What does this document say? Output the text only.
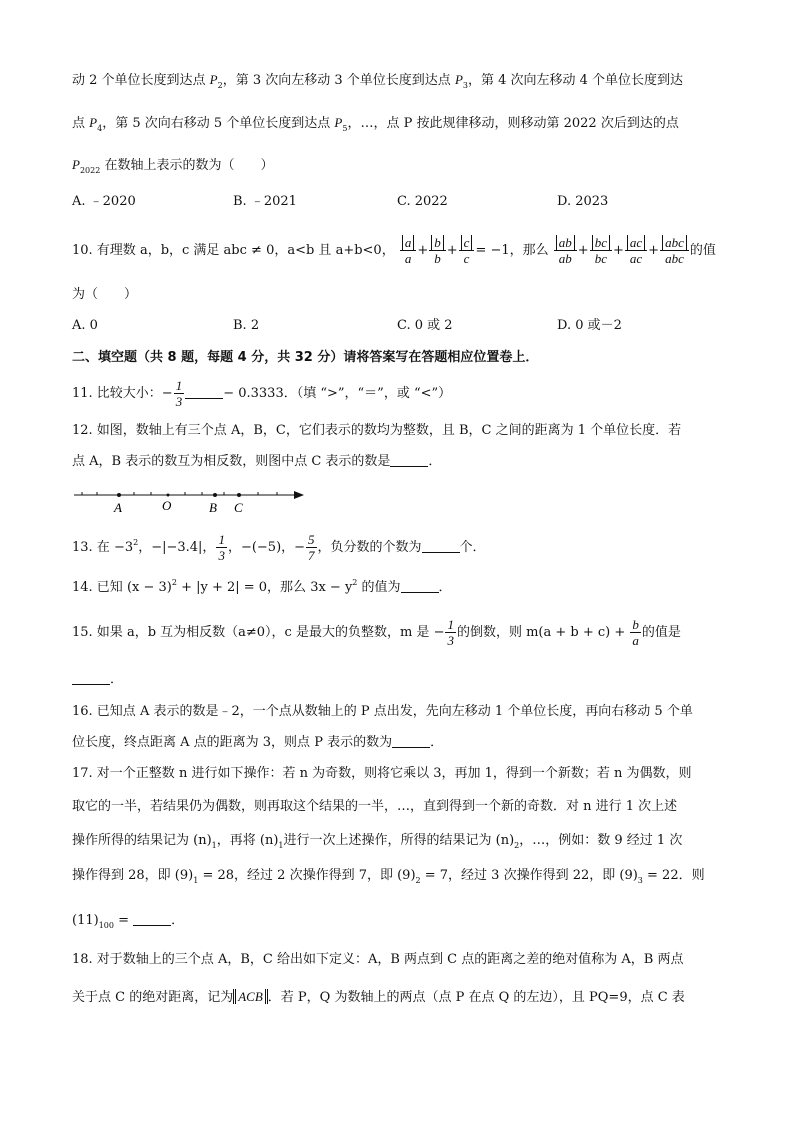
动 2 个单位长度到达点 $P_2$，第 3 次向左移动 3 个单位长度到达点 $P_3$，第 4 次向左移动 4 个单位长度到达
点 $P_4$，第 5 次向右移动 5 个单位长度到达点 $P_5$，…，点 P 按此规律移动，则移动第 2022 次后到达的点
$P_{2022}$ 在数轴上表示的数为（　　）
A. ﹣2020	B. ﹣2021	C. 2022	D. 2023
10. 有理数 a，b，c 满足 abc ≠ 0，a<b 且 a+b<0， $\frac{a}{a} + \frac{b}{b} + \frac{c}{c} = -1$，那么 $\frac{ab}{ab} + \frac{bc}{bc} + \frac{ac}{ac} + \frac{\text{abc}}{\text{abc}}$ 的值
为（　　）
A. 0	B. 2	C. 0 或 2	D. 0 或－2
二、填空题（共 8 题，每题 4 分，共 32 分）请将答案写在答题相应位置卷上．
11. 比较大小：− $\frac{1}{3}$	− 0.3333．（填 “>”，“＝”，或 “<”）
12. 如图，数轴上有三个点 A，B，C，它们表示的数均为整数，且 B，C 之间的距离为 1 个单位长度．若
点 A，B 表示的数互为相反数，则图中点 C 表示的数是	．
A	O	B C
13. 在 $-3^2$，−|−3.4|， $\frac{1}{3}$ ，−(−5)，− $\frac{5}{7}$ ，负分数的个数为	个．
14. 已知 $(x - 3)^2 + |y + 2| = 0$，那么 $3x - y^2$ 的值为	．
15. 如果 a，b 互为相反数（a≠0），c 是最大的负整数，m 是 − $\frac{1}{3}$ 的倒数，则 $m(a + b + c) + \frac{b}{a}$ 的值是
．
16. 已知点 A 表示的数是﹣2，一个点从数轴上的 P 点出发，先向左移动 1 个单位长度，再向右移动 5 个单
位长度，终点距离 A 点的距离为 3，则点 P 表示的数为	．
17. 对一个正整数 n 进行如下操作：若 n 为奇数，则将它乘以 3，再加 1，得到一个新数；若 n 为偶数，则
取它的一半，若结果仍为偶数，则再取这个结果的一半，…，直到得到一个新的奇数．对 n 进行 1 次上述
操作所得的结果记为 $(n)_1$，再将 $(n)_1$进行一次上述操作，所得的结果记为 $(n)_2$，…，例如：数 9 经过 1 次
操作得到 28，即 $(9)_1 = 28$，经过 2 次操作得到 7，即 $(9)_2 = 7$，经过 3 次操作得到 22，即 $(9)_3 = 22$．则
$(11)_{100}$ =	．
18. 对于数轴上的三个点 A，B，C 给出如下定义：A，B 两点到 C 点的距离之差的绝对值称为 A，B 两点
关于点 C 的绝对距离，记为 ACB ．若 P，Q 为数轴上的两点（点 P 在点 Q 的左边），且 PQ=9，点 C 表
